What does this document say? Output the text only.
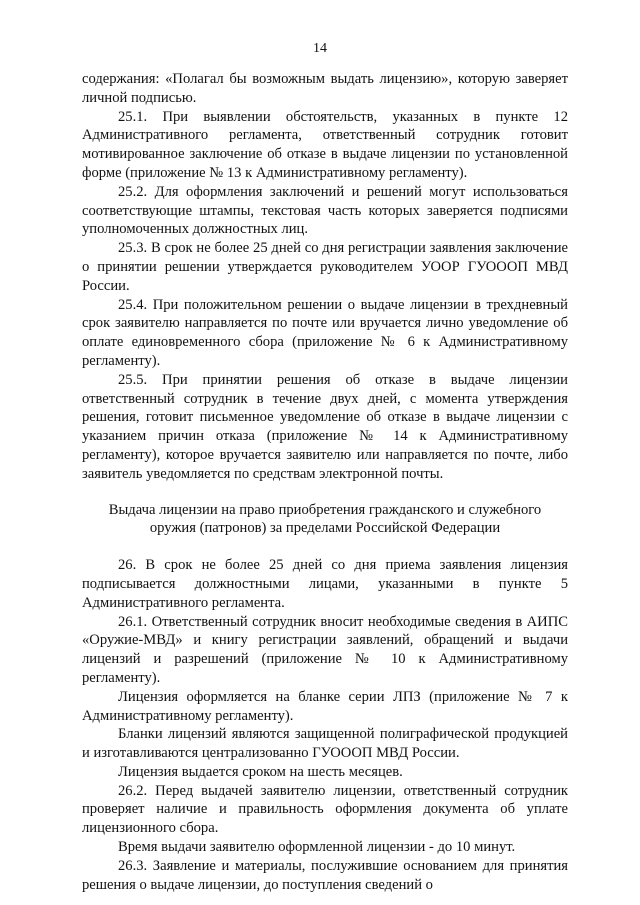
14

содержания: «Полагал бы возможным выдать лицензию», которую заверяет личной подписью.

25.1. При выявлении обстоятельств, указанных в пункте 12 Административного регламента, ответственный сотрудник готовит мотивированное заключение об отказе в выдаче лицензии по установленной форме (приложение № 13 к Административному регламенту).

25.2. Для оформления заключений и решений могут использоваться соответствующие штампы, текстовая часть которых заверяется подписями уполномоченных должностных лиц.

25.3. В срок не более 25 дней со дня регистрации заявления заключение о принятии решении утверждается руководителем УООР ГУОООП МВД России.

25.4. При положительном решении о выдаче лицензии в трехдневный срок заявителю направляется по почте или вручается лично уведомление об оплате единовременного сбора (приложение № 6 к Административному регламенту).

25.5. При принятии решения об отказе в выдаче лицензии ответственный сотрудник в течение двух дней, с момента утверждения решения, готовит письменное уведомление об отказе в выдаче лицензии с указанием причин отказа (приложение № 14 к Административному регламенту), которое вручается заявителю или направляется по почте, либо заявитель уведомляется по средствам электронной почты.

Выдача лицензии на право приобретения гражданского и служебного оружия (патронов) за пределами Российской Федерации

26. В срок не более 25 дней со дня приема заявления лицензия подписывается должностными лицами, указанными в пункте 5 Административного регламента.

26.1. Ответственный сотрудник вносит необходимые сведения в АИПС «Оружие-МВД» и книгу регистрации заявлений, обращений и выдачи лицензий и разрешений (приложение № 10 к Административному регламенту).

Лицензия оформляется на бланке серии ЛПЗ (приложение № 7 к Административному регламенту).

Бланки лицензий являются защищенной полиграфической продукцией и изготавливаются централизованно ГУОООП МВД России.

Лицензия выдается сроком на шесть месяцев.

26.2. Перед выдачей заявителю лицензии, ответственный сотрудник проверяет наличие и правильность оформления документа об уплате лицензионного сбора.

Время выдачи заявителю оформленной лицензии - до 10 минут.

26.3. Заявление и материалы, послужившие основанием для принятия решения о выдаче лицензии, до поступления сведений о
